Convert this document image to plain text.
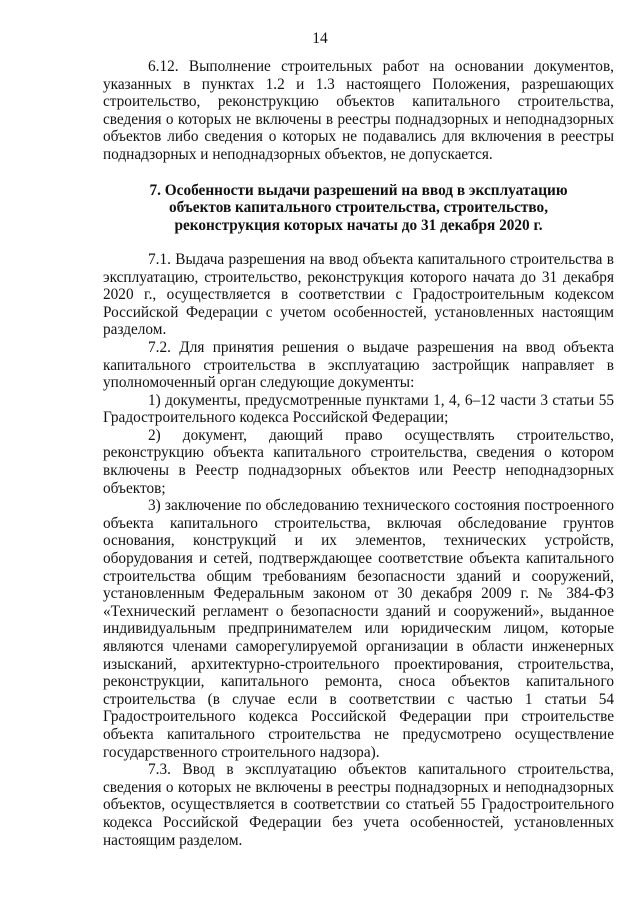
14

6.12. Выполнение строительных работ на основании документов, указанных в пунктах 1.2 и 1.3 настоящего Положения, разрешающих строительство, реконструкцию объектов капитального строительства, сведения о которых не включены в реестры поднадзорных и неподнадзорных объектов либо сведения о которых не подавались для включения в реестры поднадзорных и неподнадзорных объектов, не допускается.

7. Особенности выдачи разрешений на ввод в эксплуатацию объектов капитального строительства, строительство, реконструкция которых начаты до 31 декабря 2020 г.

7.1. Выдача разрешения на ввод объекта капитального строительства в эксплуатацию, строительство, реконструкция которого начата до 31 декабря 2020 г., осуществляется в соответствии с Градостроительным кодексом Российской Федерации с учетом особенностей, установленных настоящим разделом.

7.2. Для принятия решения о выдаче разрешения на ввод объекта капитального строительства в эксплуатацию застройщик направляет в уполномоченный орган следующие документы:

1) документы, предусмотренные пунктами 1, 4, 6–12 части 3 статьи 55 Градостроительного кодекса Российской Федерации;

2) документ, дающий право осуществлять строительство, реконструкцию объекта капитального строительства, сведения о котором включены в Реестр поднадзорных объектов или Реестр неподнадзорных объектов;

3) заключение по обследованию технического состояния построенного объекта капитального строительства, включая обследование грунтов основания, конструкций и их элементов, технических устройств, оборудования и сетей, подтверждающее соответствие объекта капитального строительства общим требованиям безопасности зданий и сооружений, установленным Федеральным законом от 30 декабря 2009 г. № 384-ФЗ «Технический регламент о безопасности зданий и сооружений», выданное индивидуальным предпринимателем или юридическим лицом, которые являются членами саморегулируемой организации в области инженерных изысканий, архитектурно-строительного проектирования, строительства, реконструкции, капитального ремонта, сноса объектов капитального строительства (в случае если в соответствии с частью 1 статьи 54 Градостроительного кодекса Российской Федерации при строительстве объекта капитального строительства не предусмотрено осуществление государственного строительного надзора).

7.3. Ввод в эксплуатацию объектов капитального строительства, сведения о которых не включены в реестры поднадзорных и неподнадзорных объектов, осуществляется в соответствии со статьей 55 Градостроительного кодекса Российской Федерации без учета особенностей, установленных настоящим разделом.
